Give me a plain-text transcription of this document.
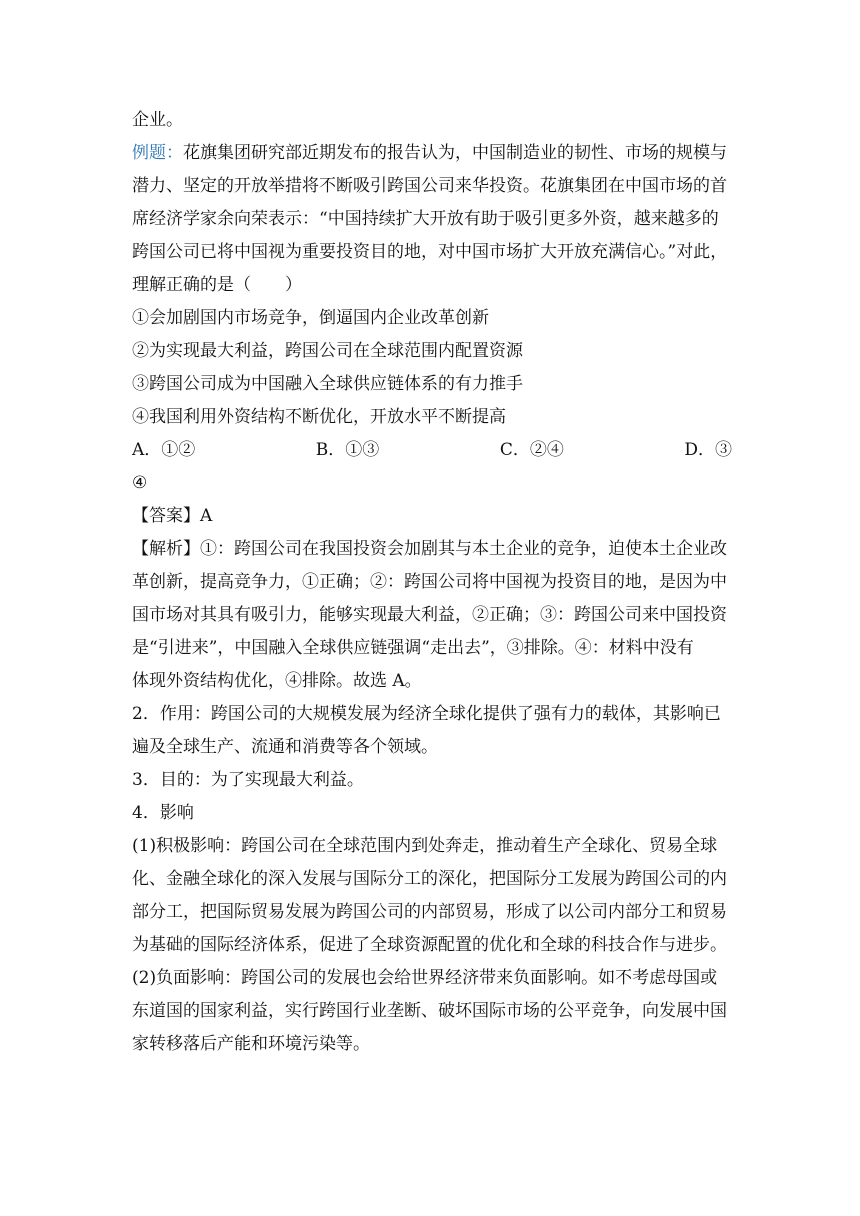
企业。
例题：花旗集团研究部近期发布的报告认为，中国制造业的韧性、市场的规模与
潜力、坚定的开放举措将不断吸引跨国公司来华投资。花旗集团在中国市场的首
席经济学家余向荣表示：“中国持续扩大开放有助于吸引更多外资，越来越多的
跨国公司已将中国视为重要投资目的地，对中国市场扩大开放充满信心。”对此，
理解正确的是（　　）
①会加剧国内市场竞争，倒逼国内企业改革创新
②为实现最大利益，跨国公司在全球范围内配置资源
③跨国公司成为中国融入全球供应链体系的有力推手
④我国利用外资结构不断优化，开放水平不断提高
A．①②	B．①③	C．②④	D．③
④
【答案】A
【解析】①：跨国公司在我国投资会加剧其与本土企业的竞争，迫使本土企业改
革创新，提高竞争力，①正确；②：跨国公司将中国视为投资目的地，是因为中
国市场对其具有吸引力，能够实现最大利益，②正确；③：跨国公司来中国投资
是“引进来”，中国融入全球供应链强调“走出去”，③排除。④：材料中没有
体现外资结构优化，④排除。故选 A。
2．作用：跨国公司的大规模发展为经济全球化提供了强有力的载体，其影响已
遍及全球生产、流通和消费等各个领域。
3．目的：为了实现最大利益。
4．影响
(1)积极影响：跨国公司在全球范围内到处奔走，推动着生产全球化、贸易全球
化、金融全球化的深入发展与国际分工的深化，把国际分工发展为跨国公司的内
部分工，把国际贸易发展为跨国公司的内部贸易，形成了以公司内部分工和贸易
为基础的国际经济体系，促进了全球资源配置的优化和全球的科技合作与进步。
(2)负面影响：跨国公司的发展也会给世界经济带来负面影响。如不考虑母国或
东道国的国家利益，实行跨国行业垄断、破坏国际市场的公平竞争，向发展中国
家转移落后产能和环境污染等。
